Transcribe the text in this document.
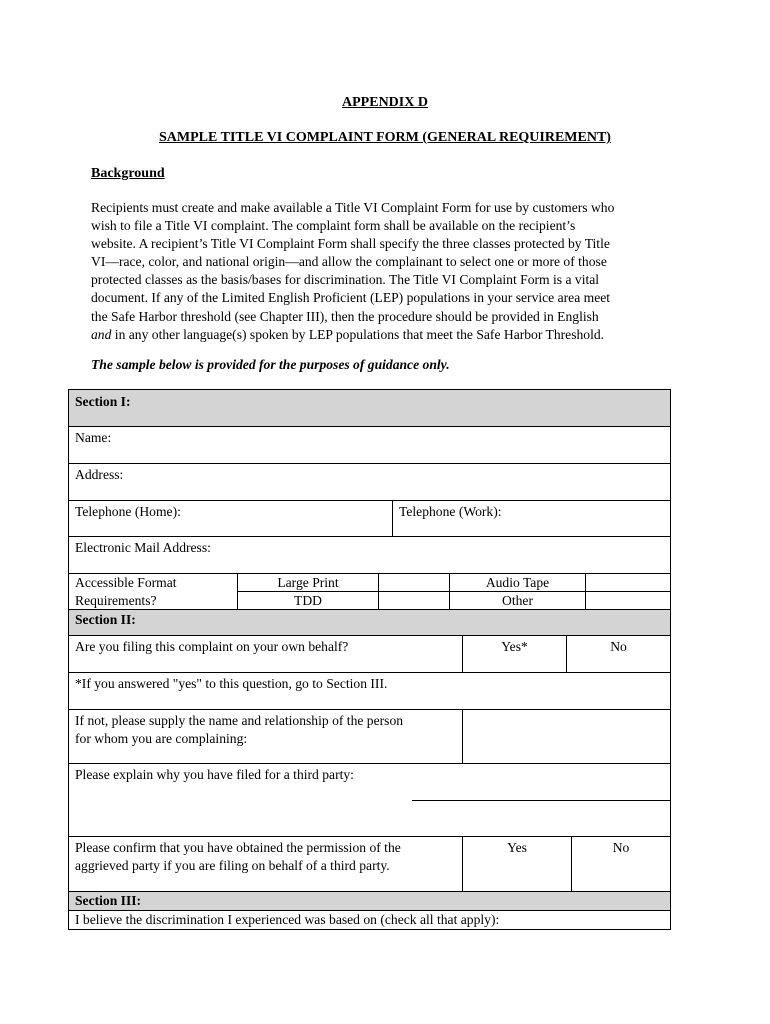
APPENDIX D
SAMPLE TITLE VI COMPLAINT FORM (GENERAL REQUIREMENT)
Background
Recipients must create and make available a Title VI Complaint Form for use by customers who
wish to file a Title VI complaint. The complaint form shall be available on the recipient’s
website. A recipient’s Title VI Complaint Form shall specify the three classes protected by Title
VI—race, color, and national origin—and allow the complainant to select one or more of those
protected classes as the basis/bases for discrimination. The Title VI Complaint Form is a vital
document. If any of the Limited English Proficient (LEP) populations in your service area meet
the Safe Harbor threshold (see Chapter III), then the procedure should be provided in English
and in any other language(s) spoken by LEP populations that meet the Safe Harbor Threshold.
The sample below is provided for the purposes of guidance only.
Section I:
Name:
Address:
Telephone (Home):	Telephone (Work):
Electronic Mail Address:
Accessible Format
Requirements?
Large Print	Audio Tape
TDD	Other
Section II:
Are you filing this complaint on your own behalf?	Yes*	No
*If you answered "yes" to this question, go to Section III.
If not, please supply the name and relationship of the person
for whom you are complaining:
Please explain why you have filed for a third party:
Please confirm that you have obtained the permission of the
aggrieved party if you are filing on behalf of a third party.
Yes	No
Section III:
I believe the discrimination I experienced was based on (check all that apply):
